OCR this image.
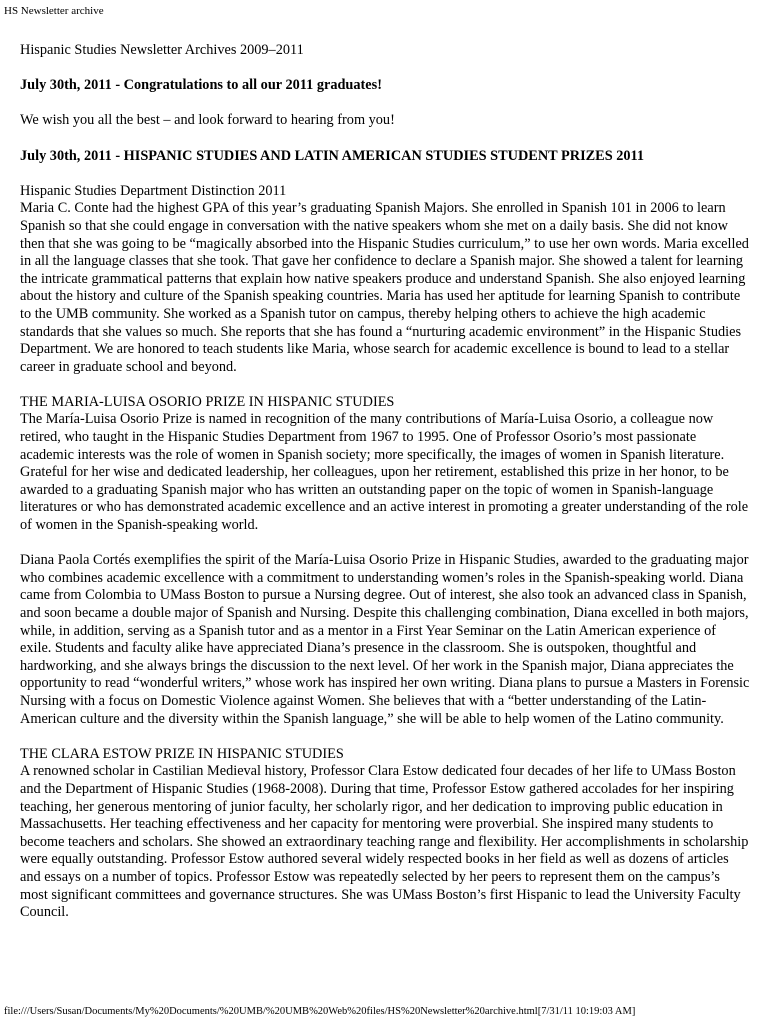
HS Newsletter archive

Hispanic Studies Newsletter Archives 2009–2011

July 30th, 2011 - Congratulations to all our 2011 graduates!

We wish you all the best – and look forward to hearing from you!

July 30th, 2011 - HISPANIC STUDIES AND LATIN AMERICAN STUDIES STUDENT PRIZES 2011

Hispanic Studies Department Distinction 2011

Maria C. Conte had the highest GPA of this year’s graduating Spanish Majors. She enrolled in Spanish 101 in 2006 to learn Spanish so that she could engage in conversation with the native speakers whom she met on a daily basis. She did not know then that she was going to be “magically absorbed into the Hispanic Studies curriculum,” to use her own words. Maria excelled in all the language classes that she took. That gave her confidence to declare a Spanish major. She showed a talent for learning the intricate grammatical patterns that explain how native speakers produce and understand Spanish. She also enjoyed learning about the history and culture of the Spanish speaking countries. Maria has used her aptitude for learning Spanish to contribute to the UMB community. She worked as a Spanish tutor on campus, thereby helping others to achieve the high academic standards that she values so much. She reports that she has found a “nurturing academic environment” in the Hispanic Studies Department. We are honored to teach students like Maria, whose search for academic excellence is bound to lead to a stellar career in graduate school and beyond.

THE MARIA-LUISA OSORIO PRIZE IN HISPANIC STUDIES

The María-Luisa Osorio Prize is named in recognition of the many contributions of María-Luisa Osorio, a colleague now retired, who taught in the Hispanic Studies Department from 1967 to 1995. One of Professor Osorio’s most passionate academic interests was the role of women in Spanish society; more specifically, the images of women in Spanish literature.

Grateful for her wise and dedicated leadership, her colleagues, upon her retirement, established this prize in her honor, to be awarded to a graduating Spanish major who has written an outstanding paper on the topic of women in Spanish-language literatures or who has demonstrated academic excellence and an active interest in promoting a greater understanding of the role of women in the Spanish-speaking world.

Diana Paola Cortés exemplifies the spirit of the María-Luisa Osorio Prize in Hispanic Studies, awarded to the graduating major who combines academic excellence with a commitment to understanding women’s roles in the Spanish-speaking world. Diana came from Colombia to UMass Boston to pursue a Nursing degree. Out of interest, she also took an advanced class in Spanish, and soon became a double major of Spanish and Nursing. Despite this challenging combination, Diana excelled in both majors, while, in addition, serving as a Spanish tutor and as a mentor in a First Year Seminar on the Latin American experience of exile. Students and faculty alike have appreciated Diana’s presence in the classroom. She is outspoken, thoughtful and hardworking, and she always brings the discussion to the next level. Of her work in the Spanish major, Diana appreciates the opportunity to read “wonderful writers,” whose work has inspired her own writing. Diana plans to pursue a Masters in Forensic Nursing with a focus on Domestic Violence against Women. She believes that with a “better understanding of the Latin-American culture and the diversity within the Spanish language,” she will be able to help women of the Latino community.

THE CLARA ESTOW PRIZE IN HISPANIC STUDIES

A renowned scholar in Castilian Medieval history, Professor Clara Estow dedicated four decades of her life to UMass Boston and the Department of Hispanic Studies (1968-2008). During that time, Professor Estow gathered accolades for her inspiring teaching, her generous mentoring of junior faculty, her scholarly rigor, and her dedication to improving public education in Massachusetts. Her teaching effectiveness and her capacity for mentoring were proverbial. She inspired many students to become teachers and scholars. She showed an extraordinary teaching range and flexibility. Her accomplishments in scholarship were equally outstanding. Professor Estow authored several widely respected books in her field as well as dozens of articles and essays on a number of topics. Professor Estow was repeatedly selected by her peers to represent them on the campus’s most significant committees and governance structures. She was UMass Boston’s first Hispanic to lead the University Faculty Council.

file:///Users/Susan/Documents/My%20Documents/%20UMB/%20UMB%20Web%20files/HS%20Newsletter%20archive.html[7/31/11 10:19:03 AM]
